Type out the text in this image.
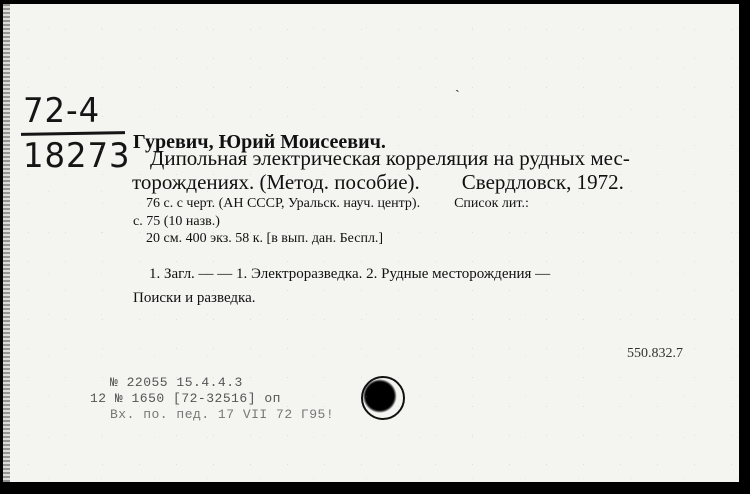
ˎ
72-4
18273 Гуревич, Юрий Моисеевич.
Дипольная электрическая корреляция на рудных мес-
торождениях. (Метод. пособие). Свердловск, 1972.
76 с. с черт. (АН СССР, Уральск. науч. центр). Список лит.:
с. 75 (10 назв.)
20 см. 400 экз. 58 к. [в вып. дан. Беспл.]
1. Загл. — — 1. Электроразведка. 2. Рудные месторождения —
Поиски и разведка.
550.832.7
№ 22055 15.4.4.3
12 № 1650 [72-32516] оп
Вх. по. пед. 17 VII 72 Г95!
